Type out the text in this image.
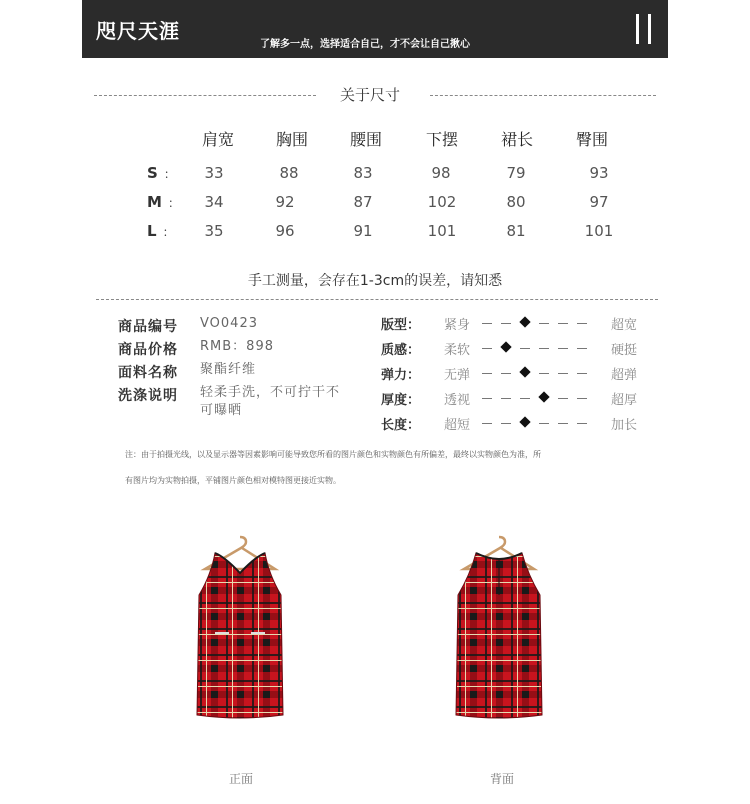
咫尺天涯
了解多一点，选择适合自己，才不会让自己揪心
关于尺寸
肩宽	胸围	腰围	下摆	裙长	臀围
S ： 33	88	83	98	79	93
M ： 34	92	87	102	80	97
L ： 35	96	91	101	81	101
手工测量，会存在1-3cm的误差，请知悉
商品编号 VO0423
商品价格 RMB：898
面料名称 聚酯纤维
洗涤说明 轻柔手洗，不可拧干不可曝晒
版型： 紧身	超宽
质感： 柔软	硬挺
弹力： 无弹	超弹
厚度： 透视	超厚
长度： 超短	加长
注：由于拍摄光线，以及显示器等因素影响可能导致您所看的图片颜色和实物颜色有所偏差，最终以实物颜色为准，所
有图片均为实物拍摄，平铺图片颜色相对模特图更接近实物。
正面	背面
